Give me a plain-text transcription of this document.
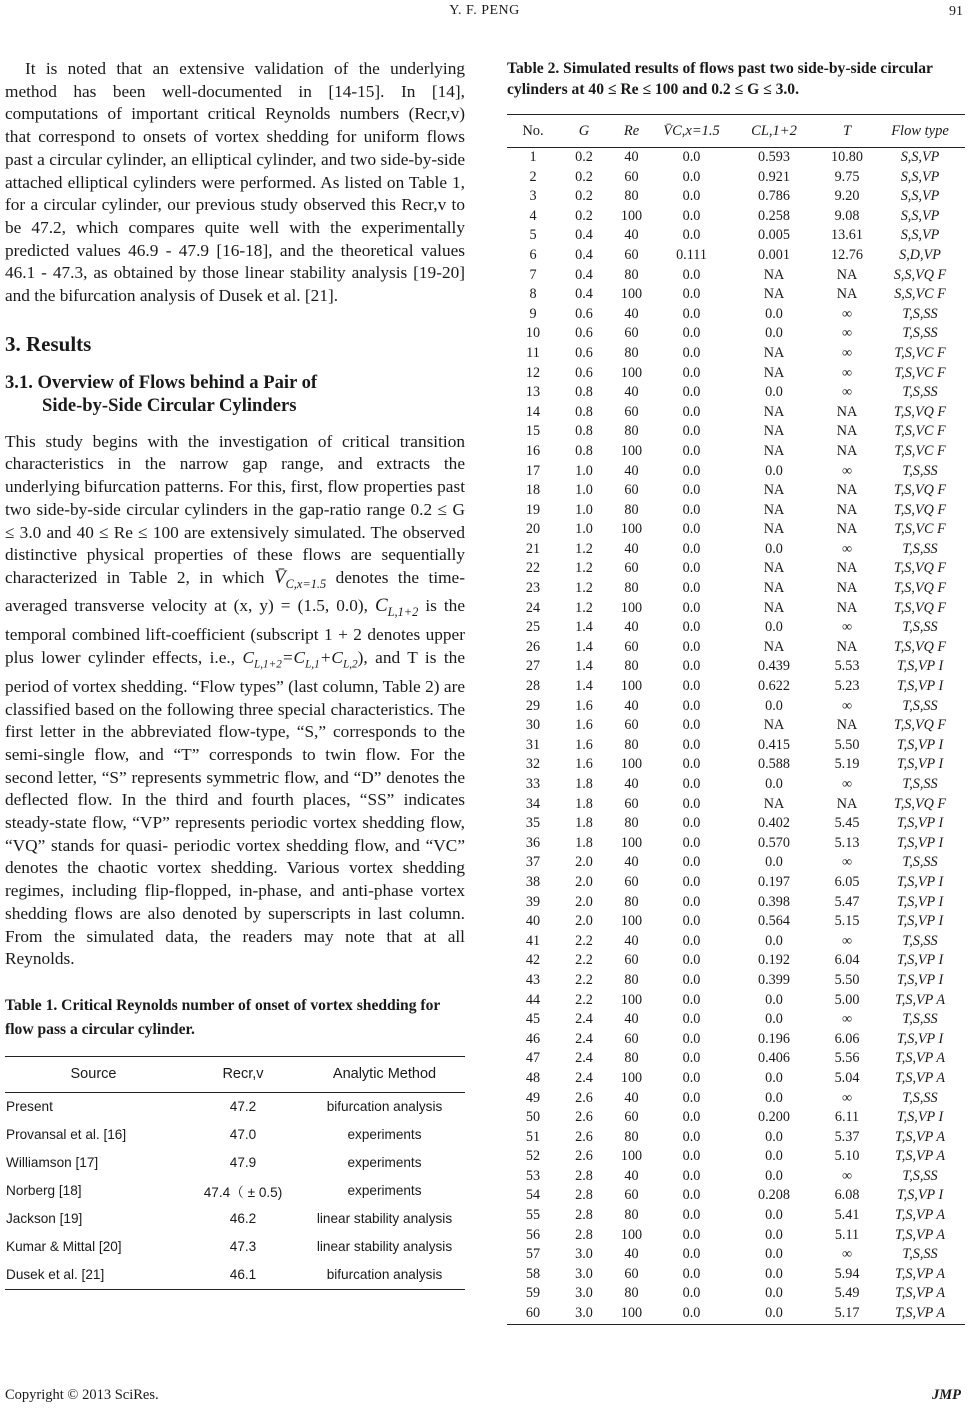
Y. F. PENG	91

It is noted that an extensive validation of the underlying method has been well-documented in [14-15]. In [14], computations of important critical Reynolds numbers (Recr,v) that correspond to onsets of vortex shedding for uniform flows past a circular cylinder, an elliptical cylinder, and two side-by-side attached elliptical cylinders were performed. As listed on Table 1, for a circular cylinder, our previous study observed this Recr,v to be 47.2, which compares quite well with the experimentally predicted values 46.9 - 47.9 [16-18], and the theoretical values 46.1 - 47.3, as obtained by those linear stability analysis [19-20] and the bifurcation analysis of Dusek et al. [21].

3. Results
3.1. Overview of Flows behind a Pair of
Side-by-Side Circular Cylinders

This study begins with the investigation of critical transition characteristics in the narrow gap range, and extracts the underlying bifurcation patterns. For this, first, flow properties past two side-by-side circular cylinders in the gap-ratio range 0.2 ≤ G ≤ 3.0 and 40 ≤ Re ≤ 100 are extensively simulated. The observed distinctive physical properties of these flows are sequentially characterized in Table 2, in which $V̄_{C,x=1.5}$ denotes the time-averaged transverse velocity at (x, y) = (1.5, 0.0), $C_{L,1+2}$ is the temporal combined lift-coefficient (subscript 1 + 2 denotes upper plus lower cylinder effects, i.e., $C_{L,1+2}=C_{L,1}+C_{L,2}$), and T is the period of vortex shedding. “Flow types” (last column, Table 2) are classified based on the following three special characteristics. The first letter in the abbreviated flow-type, “S,” corresponds to the semi-single flow, and “T” corresponds to twin flow. For the second letter, “S” represents symmetric flow, and “D” denotes the deflected flow. In the third and fourth places, “SS” indicates steady-state flow, “VP” represents periodic vortex shedding flow, “VQ” stands for quasi- periodic vortex shedding flow, and “VC” denotes the chaotic vortex shedding. Various vortex shedding regimes, including flip-flopped, in-phase, and anti-phase vortex shedding flows are also denoted by superscripts in last column. From the simulated data, the readers may note that at all Reynolds.

Table 1. Critical Reynolds number of onset of vortex shedding for flow pass a circular cylinder.
Source	Recr,v	Analytic Method
Present	47.2	bifurcation analysis
Provansal et al. [16]	47.0	experiments
Williamson [17]	47.9	experiments
Norberg [18]	47.4（ ± 0.5)	experiments
Jackson [19]	46.2	linear stability analysis
Kumar & Mittal [20]	47.3	linear stability analysis
Dusek et al. [21]	46.1	bifurcation analysis
Table 2. Simulated results of flows past two side-by-side circular cylinders at 40 ≤ Re ≤ 100 and 0.2 ≤ G ≤ 3.0.
No.	G	Re	V̄C,x=1.5	CL,1+2	T	Flow type
1	0.2	40	0.0	0.593	10.80	S,S,VP
2	0.2	60	0.0	0.921	9.75	S,S,VP
3	0.2	80	0.0	0.786	9.20	S,S,VP
4	0.2	100	0.0	0.258	9.08	S,S,VP
5	0.4	40	0.0	0.005	13.61	S,S,VP
6	0.4	60	0.111	0.001	12.76	S,D,VP
7	0.4	80	0.0	NA	NA	S,S,VQ F
8	0.4	100	0.0	NA	NA	S,S,VC F
9	0.6	40	0.0	0.0	∞	T,S,SS
10	0.6	60	0.0	0.0	∞	T,S,SS
11	0.6	80	0.0	NA	∞	T,S,VC F
12	0.6	100	0.0	NA	∞	T,S,VC F
13	0.8	40	0.0	0.0	∞	T,S,SS
14	0.8	60	0.0	NA	NA	T,S,VQ F
15	0.8	80	0.0	NA	NA	T,S,VC F
16	0.8	100	0.0	NA	NA	T,S,VC F
17	1.0	40	0.0	0.0	∞	T,S,SS
18	1.0	60	0.0	NA	NA	T,S,VQ F
19	1.0	80	0.0	NA	NA	T,S,VQ F
20	1.0	100	0.0	NA	NA	T,S,VC F
21	1.2	40	0.0	0.0	∞	T,S,SS
22	1.2	60	0.0	NA	NA	T,S,VQ F
23	1.2	80	0.0	NA	NA	T,S,VQ F
24	1.2	100	0.0	NA	NA	T,S,VQ F
25	1.4	40	0.0	0.0	∞	T,S,SS
26	1.4	60	0.0	NA	NA	T,S,VQ F
27	1.4	80	0.0	0.439	5.53	T,S,VP I
28	1.4	100	0.0	0.622	5.23	T,S,VP I
29	1.6	40	0.0	0.0	∞	T,S,SS
30	1.6	60	0.0	NA	NA	T,S,VQ F
31	1.6	80	0.0	0.415	5.50	T,S,VP I
32	1.6	100	0.0	0.588	5.19	T,S,VP I
33	1.8	40	0.0	0.0	∞	T,S,SS
34	1.8	60	0.0	NA	NA	T,S,VQ F
35	1.8	80	0.0	0.402	5.45	T,S,VP I
36	1.8	100	0.0	0.570	5.13	T,S,VP I
37	2.0	40	0.0	0.0	∞	T,S,SS
38	2.0	60	0.0	0.197	6.05	T,S,VP I
39	2.0	80	0.0	0.398	5.47	T,S,VP I
40	2.0	100	0.0	0.564	5.15	T,S,VP I
41	2.2	40	0.0	0.0	∞	T,S,SS
42	2.2	60	0.0	0.192	6.04	T,S,VP I
43	2.2	80	0.0	0.399	5.50	T,S,VP I
44	2.2	100	0.0	0.0	5.00	T,S,VP A
45	2.4	40	0.0	0.0	∞	T,S,SS
46	2.4	60	0.0	0.196	6.06	T,S,VP I
47	2.4	80	0.0	0.406	5.56	T,S,VP A
48	2.4	100	0.0	0.0	5.04	T,S,VP A
49	2.6	40	0.0	0.0	∞	T,S,SS
50	2.6	60	0.0	0.200	6.11	T,S,VP I
51	2.6	80	0.0	0.0	5.37	T,S,VP A
52	2.6	100	0.0	0.0	5.10	T,S,VP A
53	2.8	40	0.0	0.0	∞	T,S,SS
54	2.8	60	0.0	0.208	6.08	T,S,VP I
55	2.8	80	0.0	0.0	5.41	T,S,VP A
56	2.8	100	0.0	0.0	5.11	T,S,VP A
57	3.0	40	0.0	0.0	∞	T,S,SS
58	3.0	60	0.0	0.0	5.94	T,S,VP A
59	3.0	80	0.0	0.0	5.49	T,S,VP A
60	3.0	100	0.0	0.0	5.17	T,S,VP A
Copyright © 2013 SciRes.	JMP
